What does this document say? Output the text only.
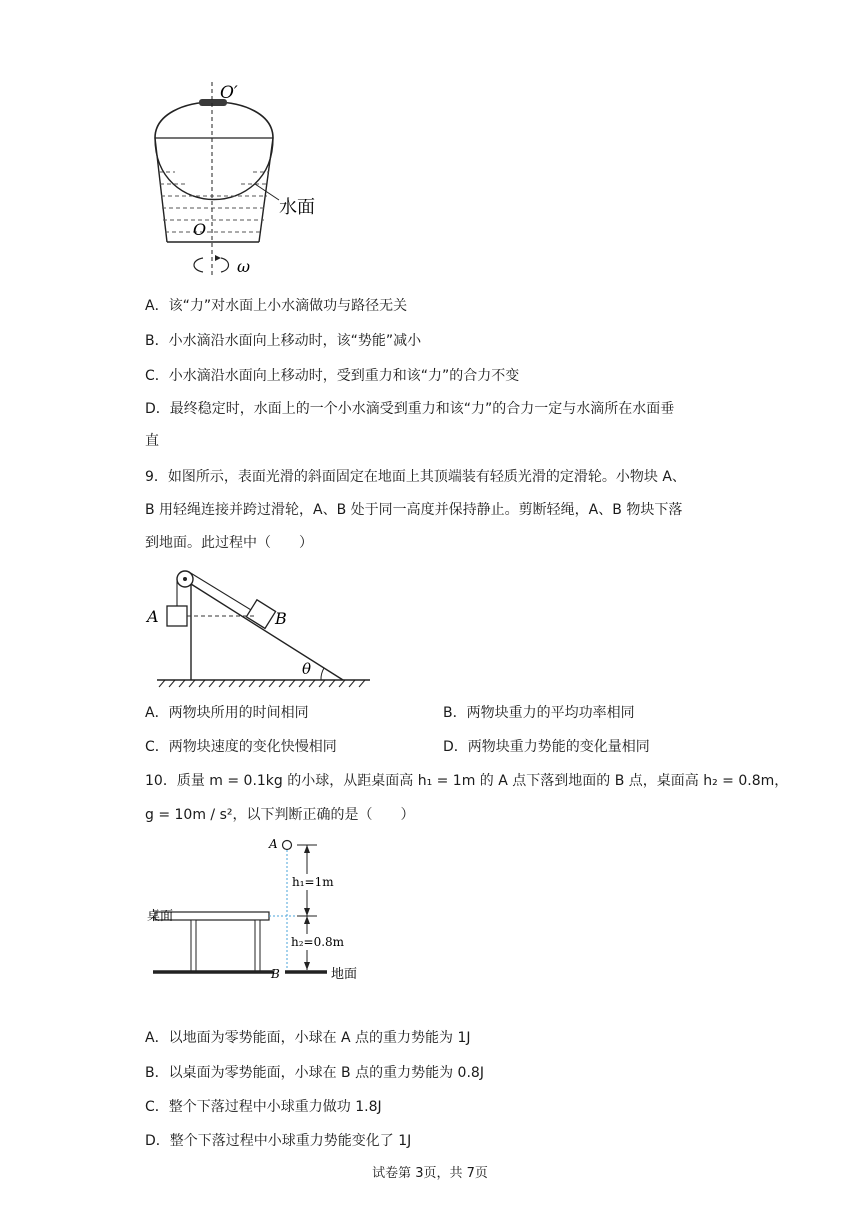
O′
O
水面
ω
A．该“力”对水面上小水滴做功与路径无关
B．小水滴沿水面向上移动时，该“势能”减小
C．小水滴沿水面向上移动时，受到重力和该“力”的合力不变
D．最终稳定时，水面上的一个小水滴受到重力和该“力”的合力一定与水滴所在水面垂
直
9．如图所示，表面光滑的斜面固定在地面上其顶端装有轻质光滑的定滑轮。小物块 A、
B 用轻绳连接并跨过滑轮，A、B 处于同一高度并保持静止。剪断轻绳，A、B 物块下落
到地面。此过程中（　　）
A	B
θ
A．两物块所用的时间相同	B．两物块重力的平均功率相同
C．两物块速度的变化快慢相同	D．两物块重力势能的变化量相同
10．质量 m = 0.1kg 的小球，从距桌面高 h₁ = 1m 的 A 点下落到地面的 B 点，桌面高 h₂ = 0.8m，
g = 10m / s²，以下判断正确的是（　　）
A
B
桌面
地面
h₁=1m
h₂=0.8m
A．以地面为零势能面，小球在 A 点的重力势能为 1J
B．以桌面为零势能面，小球在 B 点的重力势能为 0.8J
C．整个下落过程中小球重力做功 1.8J
D．整个下落过程中小球重力势能变化了 1J
试卷第 3页，共 7页
